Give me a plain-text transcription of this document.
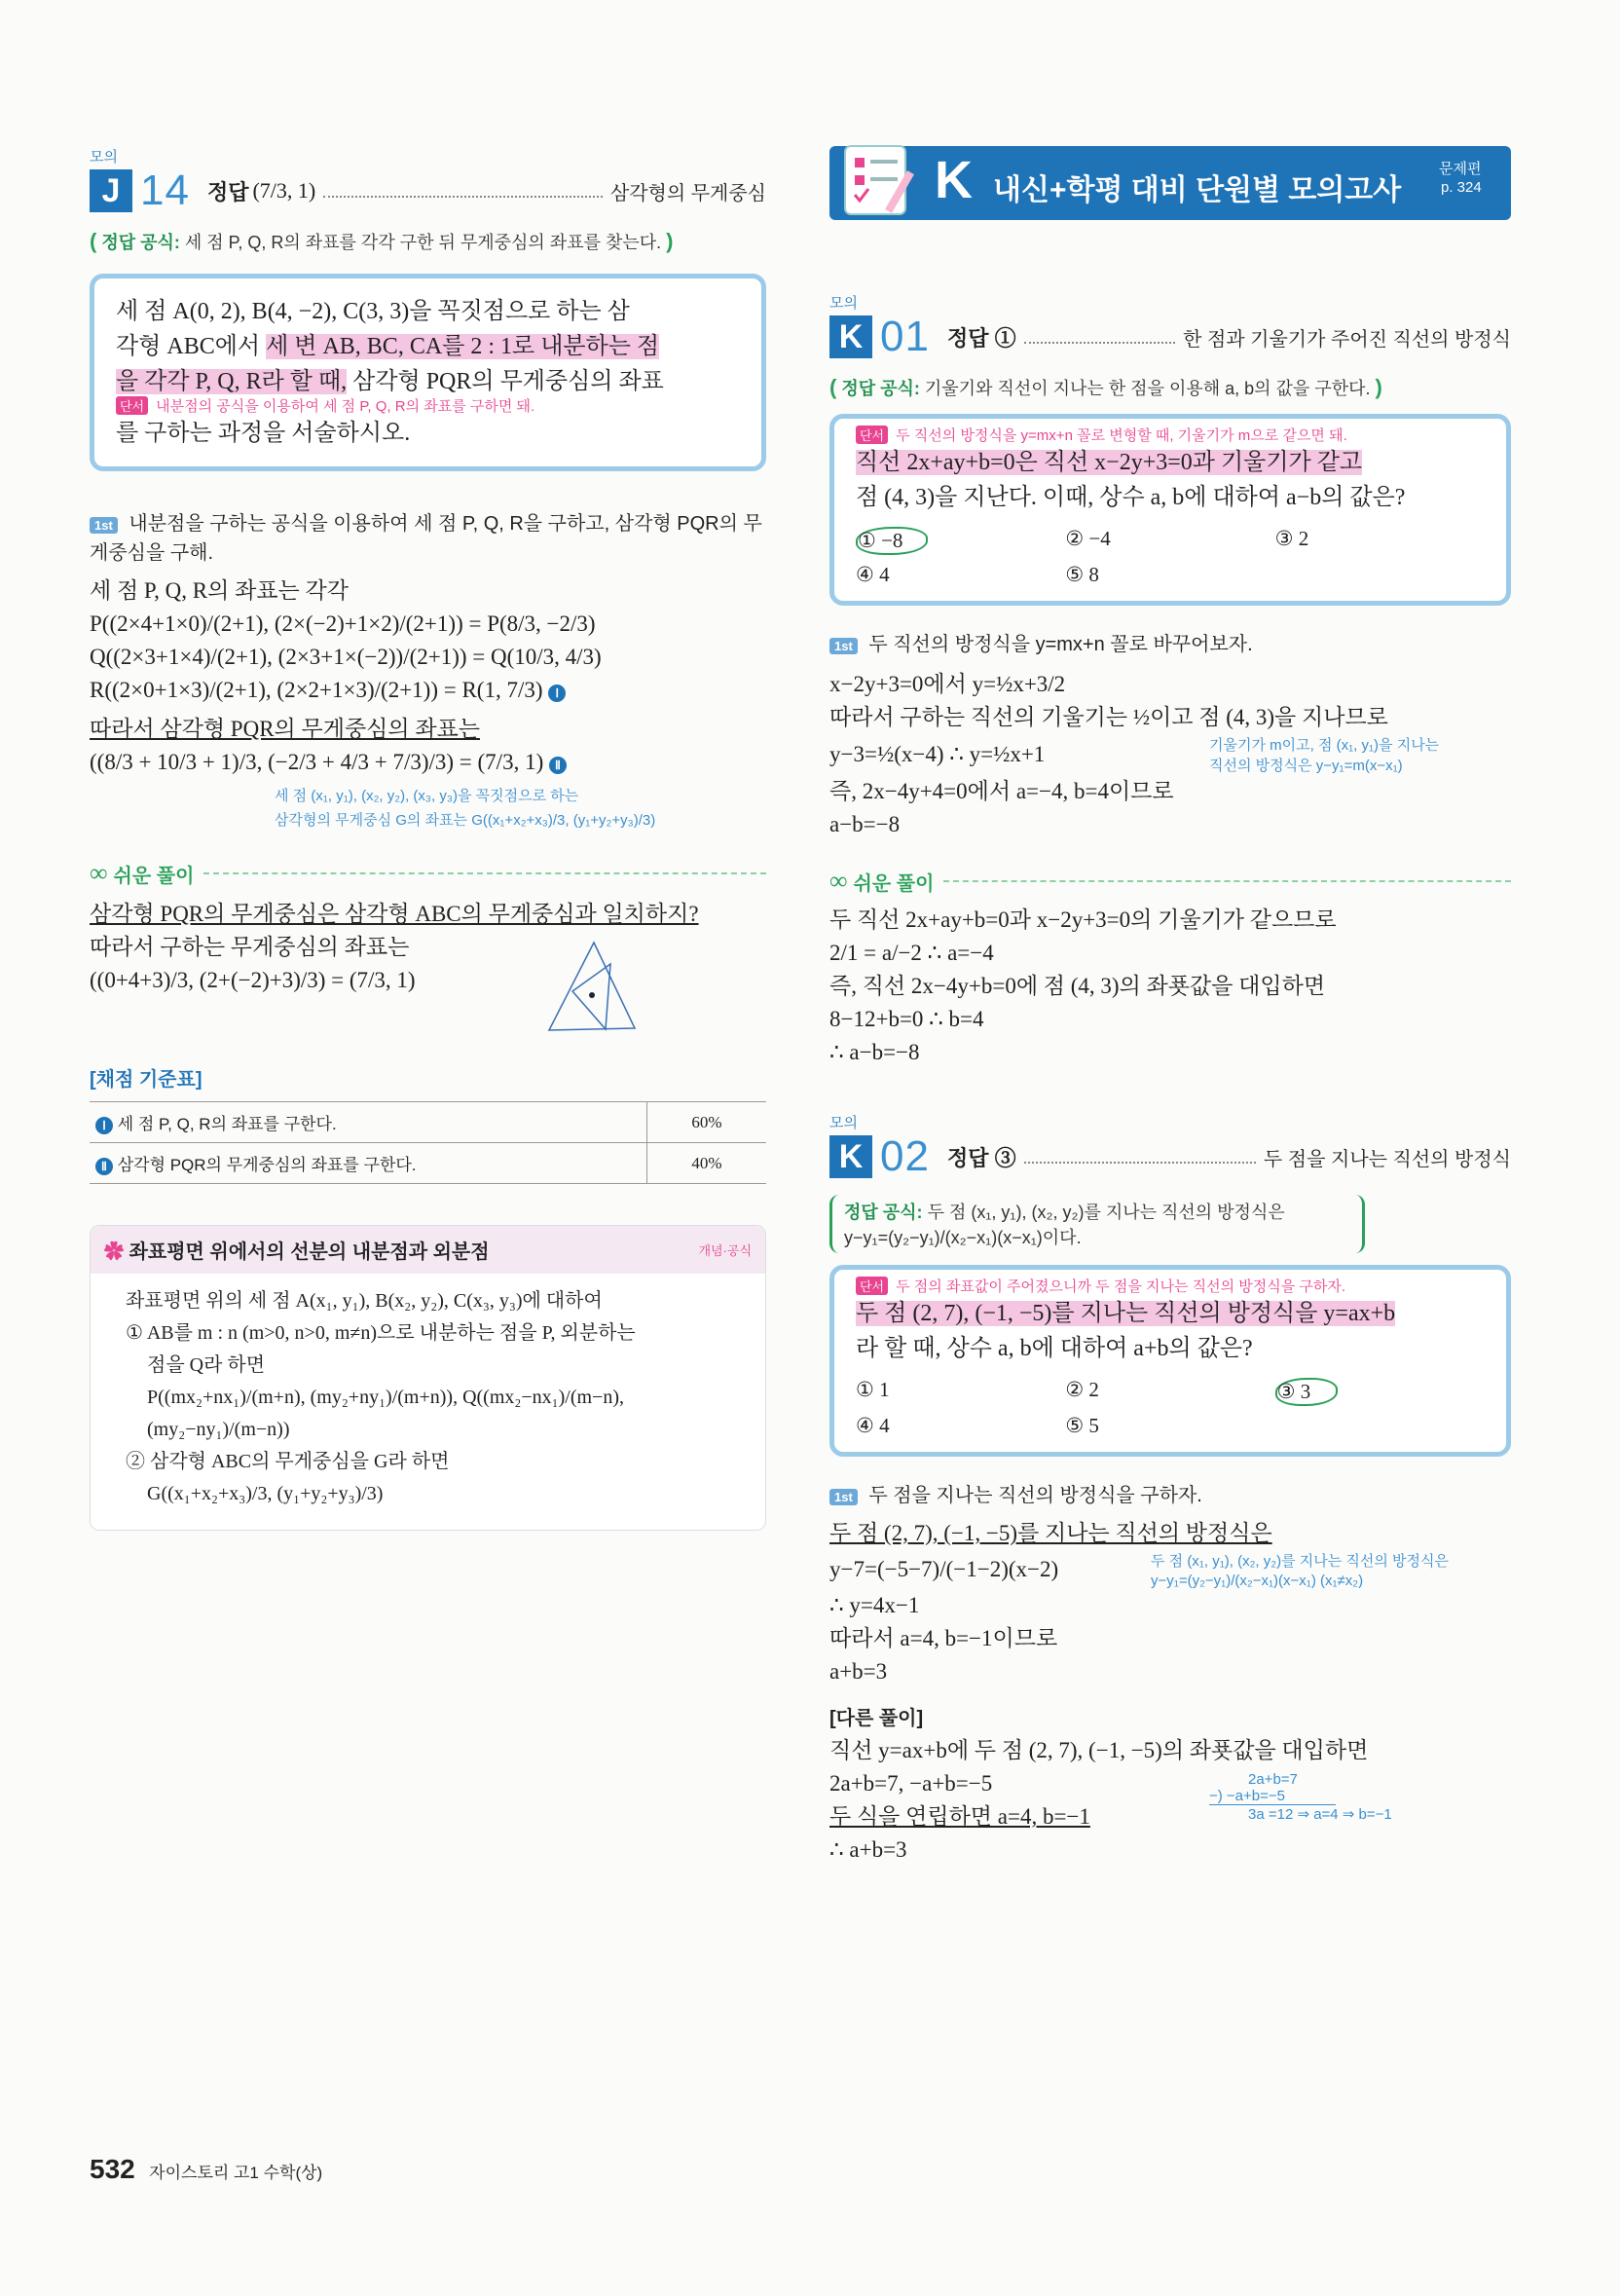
모의
J 14 정답 (7/3, 1)	삼각형의 무게중심
( 정답 공식: 세 점 P, Q, R의 좌표를 각각 구한 뒤 무게중심의 좌표를 찾는다. )
세 점 A(0, 2), B(4, −2), C(3, 3)을 꼭짓점으로 하는 삼
각형 ABC에서 세 변 AB, BC, CA를 2 : 1로 내분하는 점
을 각각 P, Q, R라 할 때, 삼각형 PQR의 무게중심의 좌표
단서 내분점의 공식을 이용하여 세 점 P, Q, R의 좌표를 구하면 돼.
를 구하는 과정을 서술하시오.
1st 내분점을 구하는 공식을 이용하여 세 점 P, Q, R을 구하고, 삼각형 PQR의 무게중심을 구해.
세 점 P, Q, R의 좌표는 각각
P((2×4+1×0)/(2+1), (2×(−2)+1×2)/(2+1)) = P(8/3, −2/3)
Q((2×3+1×4)/(2+1), (2×3+1×(−2))/(2+1)) = Q(10/3, 4/3)
R((2×0+1×3)/(2+1), (2×2+1×3)/(2+1)) = R(1, 7/3) Ⅰ
따라서 삼각형 PQR의 무게중심의 좌표는
((8/3 + 10/3 + 1)/3, (−2/3 + 4/3 + 7/3)/3) = (7/3, 1) Ⅱ
세 점 (x₁, y₁), (x₂, y₂), (x₃, y₃)을 꼭짓점으로 하는
삼각형의 무게중심 G의 좌표는 G((x₁+x₂+x₃)/3, (y₁+y₂+y₃)/3)
∞ 쉬운 풀이
삼각형 PQR의 무게중심은 삼각형 ABC의 무게중심과 일치하지?
따라서 구하는 무게중심의 좌표는
((0+4+3)/3, (2+(−2)+3)/3) = (7/3, 1)
[채점 기준표]
Ⅰ 세 점 P, Q, R의 좌표를 구한다.	60%
Ⅱ 삼각형 PQR의 무게중심의 좌표를 구한다.	40%
✿ 좌표평면 위에서의 선분의 내분점과 외분점	개념·공식
좌표평면 위의 세 점 A(x₁, y₁), B(x₂, y₂), C(x₃, y₃)에 대하여
① AB를 m : n (m>0, n>0, m≠n)으로 내분하는 점을 P, 외분하는
점을 Q라 하면
P((mx₂+nx₁)/(m+n), (my₂+ny₁)/(m+n)), Q((mx₂−nx₁)/(m−n), (my₂−ny₁)/(m−n))
② 삼각형 ABC의 무게중심을 G라 하면
G((x₁+x₂+x₃)/3, (y₁+y₂+y₃)/3)
K 내신+학평 대비 단원별 모의고사
문제편
p. 324
모의
K 01 정답 ①	한 점과 기울기가 주어진 직선의 방정식
( 정답 공식: 기울기와 직선이 지나는 한 점을 이용해 a, b의 값을 구한다. )
단서 두 직선의 방정식을 y=mx+n 꼴로 변형할 때, 기울기가 m으로 같으면 돼.
직선 2x+ay+b=0은 직선 x−2y+3=0과 기울기가 같고
점 (4, 3)을 지난다. 이때, 상수 a, b에 대하여 a−b의 값은?
① −8	② −4	③ 2
④ 4	⑤ 8
1st 두 직선의 방정식을 y=mx+n 꼴로 바꾸어보자.
x−2y+3=0에서 y=½x+3/2
따라서 구하는 직선의 기울기는 ½이고 점 (4, 3)을 지나므로
y−3=½(x−4) ∴ y=½x+1	기울기가 m이고, 점 (x₁, y₁)을 지나는
직선의 방정식은 y−y₁=m(x−x₁)
즉, 2x−4y+4=0에서 a=−4, b=4이므로
a−b=−8
∞ 쉬운 풀이
두 직선 2x+ay+b=0과 x−2y+3=0의 기울기가 같으므로
2/1 = a/−2 ∴ a=−4
즉, 직선 2x−4y+b=0에 점 (4, 3)의 좌푯값을 대입하면
8−12+b=0 ∴ b=4
∴ a−b=−8
모의
K 02 정답 ③	두 점을 지나는 직선의 방정식
정답 공식: 두 점 (x₁, y₁), (x₂, y₂)를 지나는 직선의 방정식은
y−y₁=(y₂−y₁)/(x₂−x₁)(x−x₁)이다.
단서 두 점의 좌표값이 주어졌으니까 두 점을 지나는 직선의 방정식을 구하자.
두 점 (2, 7), (−1, −5)를 지나는 직선의 방정식을 y=ax+b
라 할 때, 상수 a, b에 대하여 a+b의 값은?
① 1	② 2	③ 3
④ 4	⑤ 5
1st 두 점을 지나는 직선의 방정식을 구하자.
두 점 (2, 7), (−1, −5)를 지나는 직선의 방정식은
y−7=(−5−7)/(−1−2)(x−2)	두 점 (x₁, y₁), (x₂, y₂)를 지나는 직선의 방정식은
y−y₁=(y₂−y₁)/(x₂−x₁)(x−x₁) (x₁≠x₂)
∴ y=4x−1
따라서 a=4, b=−1이므로
a+b=3
[다른 풀이]
직선 y=ax+b에 두 점 (2, 7), (−1, −5)의 좌푯값을 대입하면
2a+b=7, −a+b=−5
두 식을 연립하면 a=4, b=−1
∴ a+b=3
2a+b=7
−) −a+b=−5
3a =12 ⇒ a=4 ⇒ b=−1
532 자이스토리 고1 수학(상)
